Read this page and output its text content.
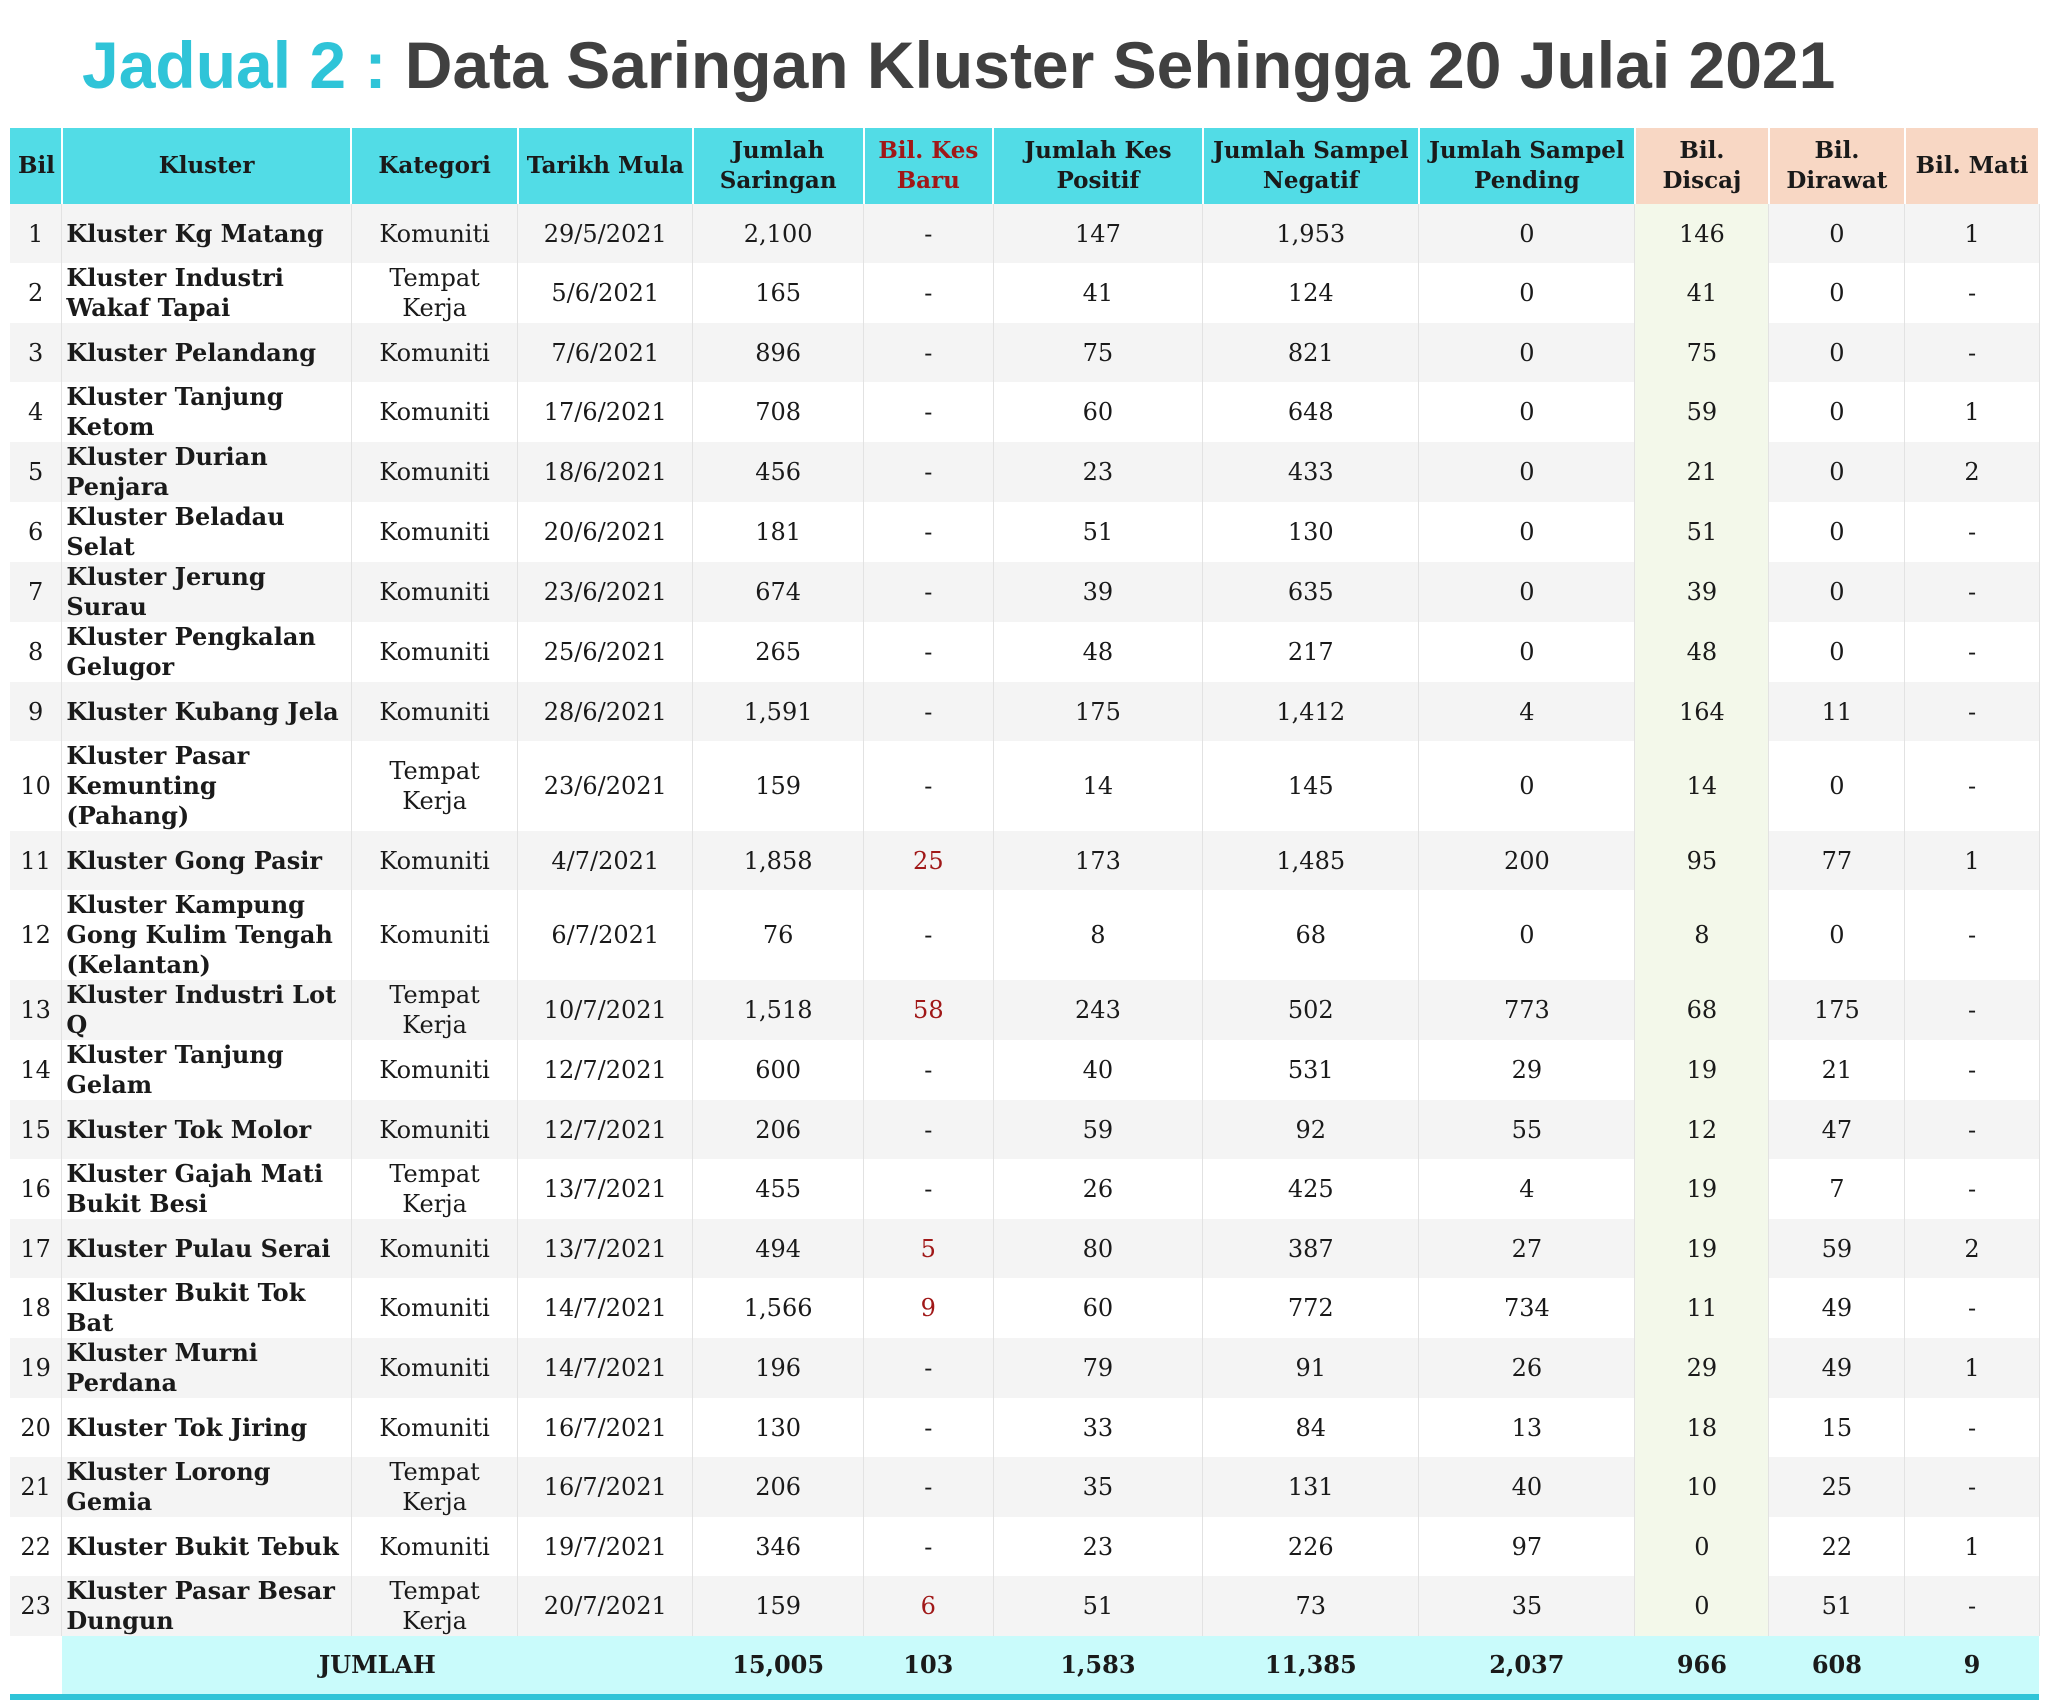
Jadual 2 : Data Saringan Kluster Sehingga 20 Julai 2021
Bil	Kluster	Kategori	Tarikh Mula	Jumlah Saringan	Bil. Kes Baru	Jumlah Kes Positif	Jumlah Sampel Negatif	Jumlah Sampel Pending	Bil. Discaj	Bil. Dirawat	Bil. Mati
1	Kluster Kg Matang	Komuniti	29/5/2021	2,100	-	147	1,953	0	146	0	1
2	Kluster Industri Wakaf Tapai	Tempat Kerja	5/6/2021	165	-	41	124	0	41	0	-
3	Kluster Pelandang	Komuniti	7/6/2021	896	-	75	821	0	75	0	-
4	Kluster Tanjung Ketom	Komuniti	17/6/2021	708	-	60	648	0	59	0	1
5	Kluster Durian Penjara	Komuniti	18/6/2021	456	-	23	433	0	21	0	2
6	Kluster Beladau Selat	Komuniti	20/6/2021	181	-	51	130	0	51	0	-
7	Kluster Jerung Surau	Komuniti	23/6/2021	674	-	39	635	0	39	0	-
8	Kluster Pengkalan Gelugor	Komuniti	25/6/2021	265	-	48	217	0	48	0	-
9	Kluster Kubang Jela	Komuniti	28/6/2021	1,591	-	175	1,412	4	164	11	-
10	Kluster Pasar Kemunting (Pahang)	Tempat Kerja	23/6/2021	159	-	14	145	0	14	0	-
11	Kluster Gong Pasir	Komuniti	4/7/2021	1,858	25	173	1,485	200	95	77	1
12	Kluster Kampung Gong Kulim Tengah (Kelantan)	Komuniti	6/7/2021	76	-	8	68	0	8	0	-
13	Kluster Industri Lot Q	Tempat Kerja	10/7/2021	1,518	58	243	502	773	68	175	-
14	Kluster Tanjung Gelam	Komuniti	12/7/2021	600	-	40	531	29	19	21	-
15	Kluster Tok Molor	Komuniti	12/7/2021	206	-	59	92	55	12	47	-
16	Kluster Gajah Mati Bukit Besi	Tempat Kerja	13/7/2021	455	-	26	425	4	19	7	-
17	Kluster Pulau Serai	Komuniti	13/7/2021	494	5	80	387	27	19	59	2
18	Kluster Bukit Tok Bat	Komuniti	14/7/2021	1,566	9	60	772	734	11	49	-
19	Kluster Murni Perdana	Komuniti	14/7/2021	196	-	79	91	26	29	49	1
20	Kluster Tok Jiring	Komuniti	16/7/2021	130	-	33	84	13	18	15	-
21	Kluster Lorong Gemia	Tempat Kerja	16/7/2021	206	-	35	131	40	10	25	-
22	Kluster Bukit Tebuk	Komuniti	19/7/2021	346	-	23	226	97	0	22	1
23	Kluster Pasar Besar Dungun	Tempat Kerja	20/7/2021	159	6	51	73	35	0	51	-
	JUMLAH			15,005	103	1,583	11,385	2,037	966	608	9
